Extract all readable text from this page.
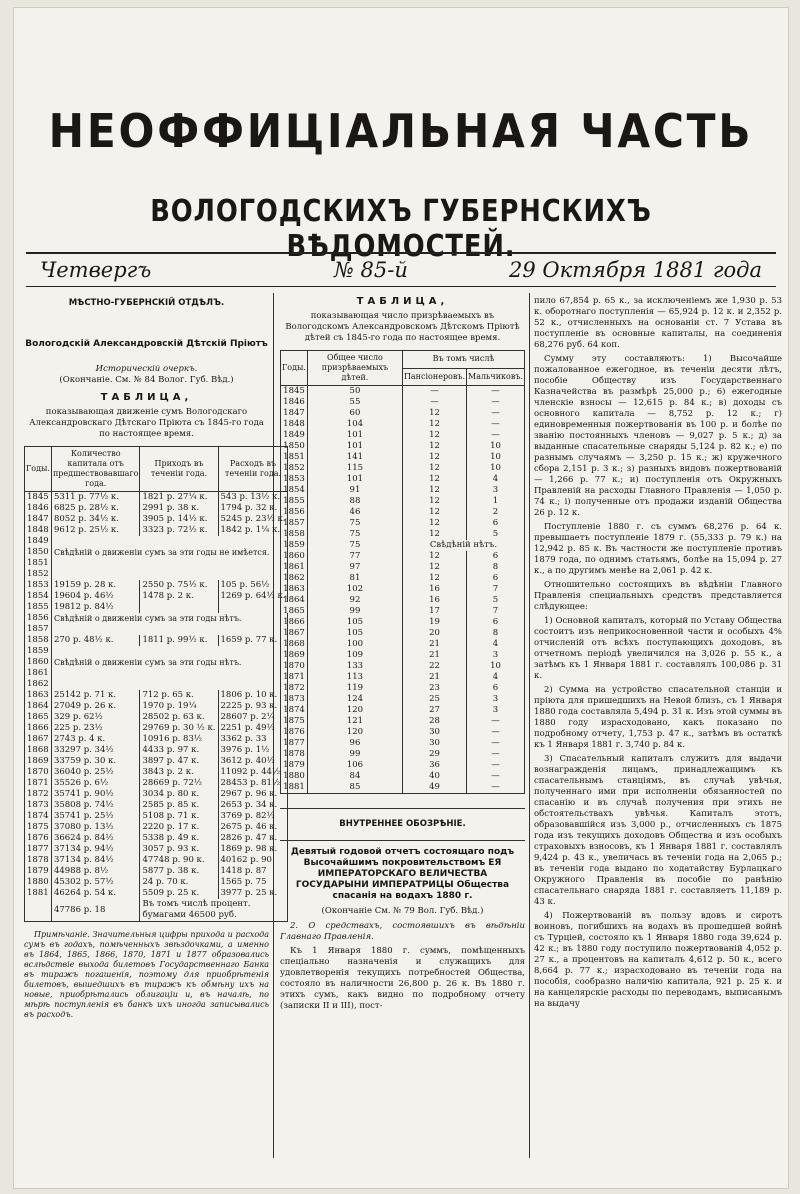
НЕОФФИЦІАЛЬНАЯ ЧАСТЬ
ВОЛОГОДСКИХЪ ГУБЕРНСКИХЪ ВѢДОМОСТЕЙ.
Четвергъ	№ 85-й	29 Октября 1881 года
МѢСТНО-ГУБЕРНСКІЙ ОТДѢЛЪ.
Вологодскій Александровскій Дѣтскій Пріютъ
Историческій очеркъ.
(Окончаніе. См. № 84 Волог. Губ. Вѣд.)
ТАБЛИЦА,
показывающая движеніе сумъ Вологодскаго Александровскаго Дѣтскаго Пріюта съ 1845-го года по настоящее время.
Годы.	Количество капитала отъ предшествовавшаго года.	Приходъ въ теченіи года.	Расходъ въ теченіи года.
1845	5311 р. 77½ к.	1821 р. 27¼ к.	543 р. 13½ к.
1846	6825 р. 28½ к.	2991 р. 38 к.	1794 р. 32 к.
1847	8052 р. 34½ к.	3905 р. 14½ к.	5245 р. 23½ к.
1848	9612 р. 25½ к.	3323 р. 72½ к.	1842 р. 1¼ к.
1849			
1850	Свѣдѣній о движеніи сумъ за эти годы не имѣется.		
1851			
1852			
1853	19159 р. 28 к.	2550 р. 75½ к.	105 р. 56½
1854	19604 р. 46½	1478 р. 2 к.	1269 р. 64½ к.
1855	19812 р. 84½		
1856	Свѣдѣній о движеніи сумъ за эти годы нѣтъ.		
1857			
1858	270 р. 48½ к.	1811 р. 99½ к.	1659 р. 77 к.
1859			
1860	Свѣдѣній о движеніи сумъ за эти годы нѣтъ.		
1861			
1862			
1863	25142 р. 71 к.	712 р. 65 к.	1806 р. 10 к.
1864	27049 р. 26 к.	1970 р. 19¼	2225 р. 93 к.
1865	329 р. 62½	28502 р. 63 к.	28607 р. 2¼
1866	225 р. 23½	29769 р. 30 ½ к.	2251 р. 49½
1867	2743 р. 4 к.	10916 р. 83½	3362 р. 33
1868	33297 р. 34½	4433 р. 97 к.	3976 р. 1½
1869	33759 р. 30 к.	3897 р. 47 к.	3612 р. 40½
1870	36040 р. 25½	3843 р. 2 к.	11092 р. 44½
1871	35526 р. 6½	28669 р. 72½	28453 р. 81½
1872	35741 р. 90½	3034 р. 80 к.	2967 р. 96 к.
1873	35808 р. 74½	2585 р. 85 к.	2653 р. 34 к.
1874	35741 р. 25½	5108 р. 71 к.	3769 р. 82½
1875	37080 р. 13½	2220 р. 17 к.	2675 р. 46 к.
1876	36624 р. 84½	5338 р. 49 к.	2826 р. 47 к.
1877	37134 р. 94½	3057 р. 93 к.	1869 р. 98 к.
1878	37134 р. 84½	47748 р. 90 к.	40162 р. 90
1879	44988 р. 8½	5877 р. 38 к.	1418 р. 87
1880	45302 р. 57½	24 р. 70 к.	1565 р. 75
1881	46264 р. 54 к.	5509 р. 25 к.	3977 р. 25 к.
	47786 р. 18	Въ томъ числѣ процент. бумагами 46500 руб.	

Примѣчаніе. Значительныя цифры прихода и расхода сумъ въ годахъ, помѣченныхъ звѣздочками, а именно въ 1864, 1865, 1866, 1870, 1871 и 1877 образовались вслѣдствіе выхода билетовъ Государственнаго Банка въ тиражъ погашенія, поэтому для приобрѣтенія билетовъ, вышедшихъ въ тиражъ къ обмѣну ихъ на новые, приобрѣтались облигаціи и, въ началѣ, по мѣрѣ поступленія въ банкъ ихъ иногда записывались въ расходъ.

ТАБЛИЦА,
показывающая число призрѣваемыхъ въ Вологодскомъ Александровскомъ Дѣтскомъ Пріютѣ дѣтей съ 1845-го года по настоящее время.
Годы.	Общее число призрѣваемыхъ дѣтей.	Въ томъ числѣ	
		Пансіонеровъ.	Мальчиковъ.
1845	50	—	—
1846	55	—	—
1847	60	12	—
1848	104	12	—
1849	101	12	—
1850	101	12	10
1851	141	12	10
1852	115	12	10
1853	101	12	4
1854	91	12	3
1855	88	12	1
1856	46	12	2
1857	75	12	6
1858	75	12	5
1859	75	Свѣдѣній нѣтъ.	
1860	77	12	6
1861	97	12	8
1862	81	12	6
1863	102	16	7
1864	92	16	5
1865	99	17	7
1866	105	19	6
1867	105	20	8
1868	100	21	4
1869	109	21	3
1870	133	22	10
1871	113	21	4
1872	119	23	6
1873	124	25	3
1874	120	27	3
1875	121	28	—
1876	120	30	—
1877	96	30	—
1878	99	29	—
1879	106	36	—
1880	84	40	—
1881	85	49	—
ВНУТРЕННЕЕ ОБОЗРѢНІЕ.
Девятый годовой отчетъ состоящаго подъ Высочайшимъ покровительствомъ ЕЯ ИМПЕРАТОРСКАГО ВЕЛИЧЕСТВА ГОСУДАРЫНИ ИМПЕРАТРИЦЫ Общества спасанія на водахъ 1880 г.
(Окончаніе См. № 79 Вол. Губ. Вѣд.)

2. О средствахъ, состоявшихъ въ вѣдѣніи Главнаго Правленія.

Къ 1 Января 1880 г. суммъ, помѣщенныхъ спеціально назначенія и служащихъ для удовлетворенія текущихъ потребностей Общества, состояло въ наличности 26,800 р. 26 к. Въ 1880 г. этихъ сумъ, какъ видно по подробному отчету (записки II и III), пост-

пило 67,854 р. 65 к., за исключеніемъ же 1,930 р. 53 к. оборотнаго поступленія — 65,924 р. 12 к. и 2,352 р. 52 к., отчисленныхъ на основаніи ст. 7 Устава въ поступленіе въ основные капиталы, на соединенія 68,276 руб. 64 коп.

Сумму эту составляютъ: 1) Высочайше пожалованное ежегодное, въ теченіи десяти лѣтъ, пособіе Обществу изъ Государственнаго Казначейства въ размѣрѣ 25,000 р.; 6) ежегодные членскіе взносы — 12,615 р. 84 к.; в) доходы съ основного капитала — 8,752 р. 12 к.; г) единовременныя пожертвованія въ 100 р. и болѣе по званію постоянныхъ членовъ — 9,027 р. 5 к.; д) за выданные спасательные снаряды 5,124 р. 82 к.; е) по разнымъ случаямъ — 3,250 р. 15 к.; ж) кружечного сбора 2,151 р. 3 к.; з) разныхъ видовъ пожертвованій — 1,266 р. 77 к.; и) поступленія отъ Окружныхъ Правленій на расходы Главного Правленія — 1,050 р. 74 к.; і) полученные отъ продажи изданій Общества 26 р. 12 к.

Поступленіе 1880 г. съ суммъ 68,276 р. 64 к. превышаетъ поступленіе 1879 г. (55,333 р. 79 к.) на 12,942 р. 85 к. Въ частности же поступленіе противъ 1879 года, по однимъ статьямъ, болѣе на 15,094 р. 27 к., а по другимъ менѣе на 2,061 р. 42 к.

Отношительно состоящихъ въ вѣдѣніи Главного Правленія специальныхъ средствъ представляется слѣдующее:

1) Основной капиталъ, который по Уставу Общества состоитъ изъ неприкосновенной части и особыхъ 4% отчисленій отъ всѣхъ поступающихъ доходовъ, въ отчетномъ періодѣ увеличился на 3,026 р. 55 к., а затѣмъ къ 1 Января 1881 г. составлялъ 100,086 р. 31 к.

2) Сумма на устройство спасательной станціи и пріюта для пришедшихъ на Невой близъ, съ 1 Января 1880 года составляла 5,494 р. 31 к. Изъ этой суммы въ 1880 году израсходовано, какъ показано по подробному отчету, 1,753 р. 47 к., затѣмъ въ остаткѣ къ 1 Января 1881 г. 3,740 р. 84 к.

3) Спасательный капиталъ служитъ для выдачи вознагражденія лицамъ, принадлежащимъ къ спасательнымъ станціямъ, въ случаѣ увѣчья, полученнаго ими при исполненіи обязанностей по спасанію и въ случаѣ получения при этихъ не обстоятельствахъ увѣчья. Капиталъ этотъ, образовавшійся изъ 3,000 р., отчисленныхъ съ 1875 года изъ текущихъ доходовъ Общества и изъ особыхъ страховыхъ взносовъ, къ 1 Января 1881 г. составлялъ 9,424 р. 43 к., увеличась въ теченіи года на 2,065 р.; въ теченіи года выдано по ходатайству Бурлацкаго Окружного Правленія въ пособіе по ранѣнію спасательнаго снаряда 1881 г. составляетъ 11,189 р. 43 к.

4) Пожертвованій въ пользу вдовъ и сиротъ воиновъ, погибшихъ на водахъ въ прошедшей войнѣ съ Турціей, состояло къ 1 Января 1880 года 39,624 р. 42 к.; въ 1880 году поступило пожертвованій 4,052 р. 27 к., а процентовъ на капиталъ 4,612 р. 50 к., всего 8,664 р. 77 к.; израсходовано въ теченіи года на пособія, сообразно наличію капитала, 921 р. 25 к. и на канцелярскіе расходы по переводамъ, выписанымъ на выдачу
